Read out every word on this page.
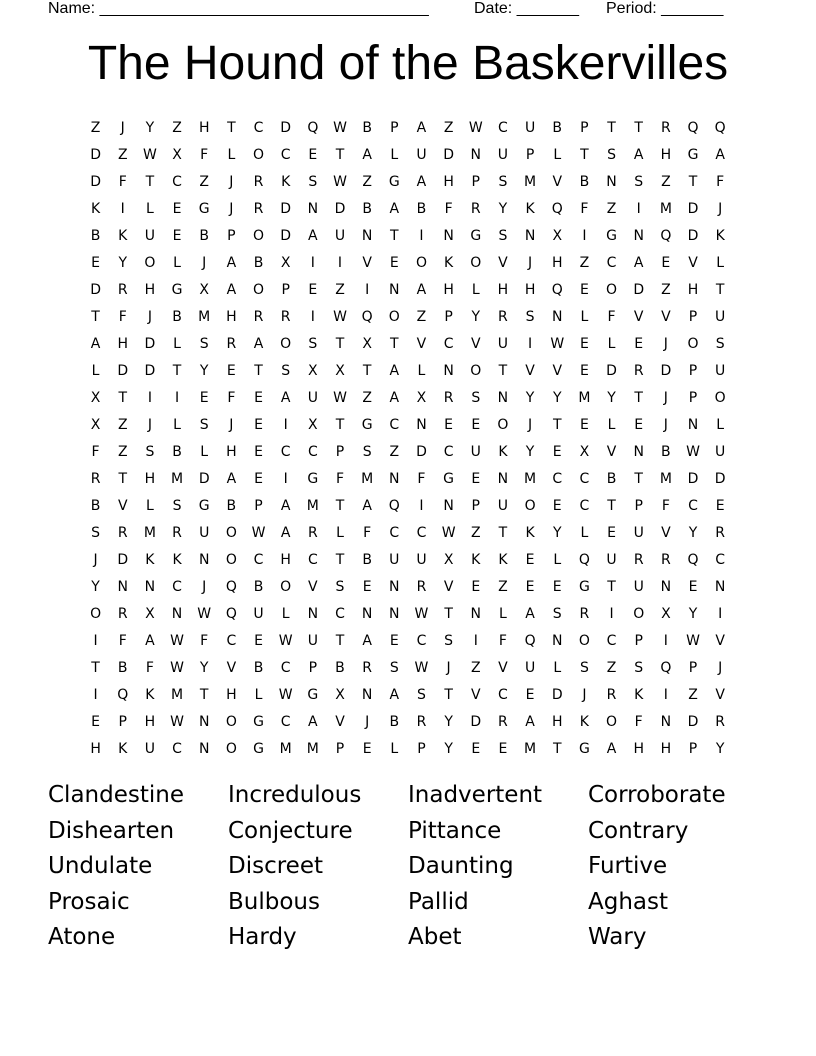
Name: _____________________________________	Date: _______ Period: _______
The Hound of the Baskervilles
Z	J	Y	Z	H	T	C	D	Q	W	B	P	A	Z	W	C	U	B	P	T	T	R	Q	Q
D	Z	W	X	F	L	O	C	E	T	A	L	U	D	N	U	P	L	T	S	A	H	G	A
D	F	T	C	Z	J	R	K	S	W	Z	G	A	H	P	S	M	V	B	N	S	Z	T	F
K	I	L	E	G	J	R	D	N	D	B	A	B	F	R	Y	K	Q	F	Z	I	M	D	J
B	K	U	E	B	P	O	D	A	U	N	T	I	N	G	S	N	X	I	G	N	Q	D	K
E	Y	O	L	J	A	B	X	I	I	V	E	O	K	O	V	J	H	Z	C	A	E	V	L
D	R	H	G	X	A	O	P	E	Z	I	N	A	H	L	H	H	Q	E	O	D	Z	H	T
T	F	J	B	M	H	R	R	I	W	Q	O	Z	P	Y	R	S	N	L	F	V	V	P	U
A	H	D	L	S	R	A	O	S	T	X	T	V	C	V	U	I	W	E	L	E	J	O	S
L	D	D	T	Y	E	T	S	X	X	T	A	L	N	O	T	V	V	E	D	R	D	P	U
X	T	I	I	E	F	E	A	U	W	Z	A	X	R	S	N	Y	Y	M	Y	T	J	P	O
X	Z	J	L	S	J	E	I	X	T	G	C	N	E	E	O	J	T	E	L	E	J	N	L
F	Z	S	B	L	H	E	C	C	P	S	Z	D	C	U	K	Y	E	X	V	N	B	W	U
R	T	H	M	D	A	E	I	G	F	M	N	F	G	E	N	M	C	C	B	T	M	D	D
B	V	L	S	G	B	P	A	M	T	A	Q	I	N	P	U	O	E	C	T	P	F	C	E
S	R	M	R	U	O	W	A	R	L	F	C	C	W	Z	T	K	Y	L	E	U	V	Y	R
J	D	K	K	N	O	C	H	C	T	B	U	U	X	K	K	E	L	Q	U	R	R	Q	C
Y	N	N	C	J	Q	B	O	V	S	E	N	R	V	E	Z	E	E	G	T	U	N	E	N
O	R	X	N	W	Q	U	L	N	C	N	N	W	T	N	L	A	S	R	I	O	X	Y	I
I	F	A	W	F	C	E	W	U	T	A	E	C	S	I	F	Q	N	O	C	P	I	W	V
T	B	F	W	Y	V	B	C	P	B	R	S	W	J	Z	V	U	L	S	Z	S	Q	P	J
I	Q	K	M	T	H	L	W	G	X	N	A	S	T	V	C	E	D	J	R	K	I	Z	V
E	P	H	W	N	O	G	C	A	V	J	B	R	Y	D	R	A	H	K	O	F	N	D	R
H	K	U	C	N	O	G	M	M	P	E	L	P	Y	E	E	M	T	G	A	H	H	P	Y
Clandestine	Incredulous	Inadvertent	Corroborate
Dishearten	Conjecture	Pittance	Contrary
Undulate	Discreet	Daunting	Furtive
Prosaic	Bulbous	Pallid	Aghast
Atone	Hardy	Abet	Wary
